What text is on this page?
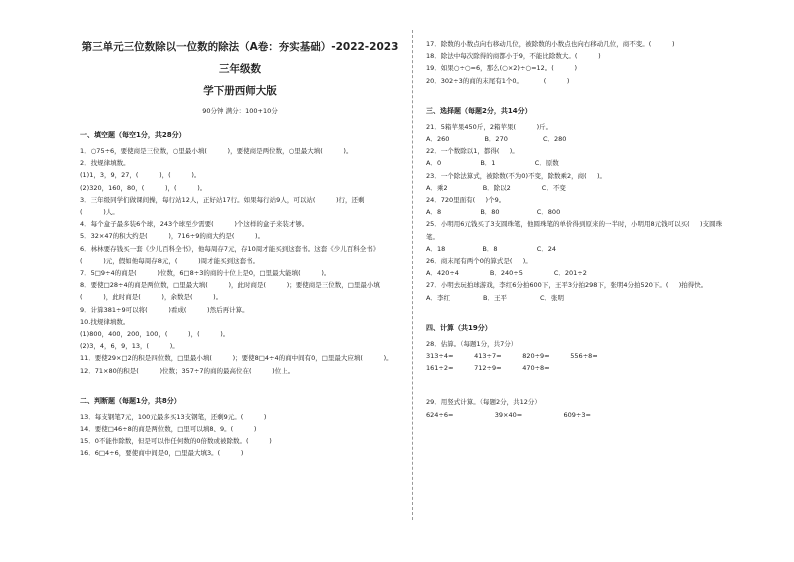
第三单元三位数除以一位数的除法（A卷：夯实基础）-2022-2023三年级数

学下册西师大版

90分钟 满分：100+10分

一、填空题（每空1分，共28分）

1．○75÷6，要使商是三位数，○里最小填(          )，要使商是两位数，○里最大填(          )。

2．找规律填数。

(1)1，3，9，27，(          )，(          )。

(2)320，160，80，(          )，(          )。

3．三年级同学们做课间操，每行站12人，正好站17行。如果每行站9人，可以站(          )行，还剩

(          )人。

4．每个盒子最多装6个球，243个球至少需要(          )个这样的盒子来装才够。

5．32×47的积大约是(          )，716÷9的商大约是(          )。

6．林林要存钱买一套《少儿百科全书》，他每周存7元，存10周才能买到这套书。这套《少儿百科全书》

(          )元，假如他每周存8元，(          )周才能买到这套书。

7．5□9÷4的商是(          )位数，6□8÷3的商的十位上是0，□里最大能填(          )。

8．要使□28÷4的商是两位数，□里最大填(          )，此时商是(          )；要使商是三位数，□里最小填

(          )，此时商是(          )，余数是(          )。

9．计算381÷9可以将(          )看成(          )然后再计算。

10.找规律填数。

(1)800，400，200，100，(          )，(          )。

(2)3，4，6，9，13，(          )。

11．要使29×□2的积是四位数，□里最小填(          )；要使8□4÷4的商中间有0，□里最大应填(          )。

12．71×80的积是(          )位数；357÷7的商的最高位在(          )位上。

二、判断题（每题1分，共8分）

13．每支钢笔7元，100元最多买13支钢笔，还剩9元。(          )

14．要使□46÷8的商是两位数，□里可以填8、9。(          )

15．0不能作除数，但是可以作任何数的0倍数或被除数。(          )

16．6□4÷6，要使商中间是0，□里最大填3。(          )

17．除数的小数点向右移动几位，被除数的小数点也向右移动几位，商不变。(          )

18．除法中每次除得的商都小于9，不能比除数大。(          )

19．如果○÷○=6，那么(○×2)÷○=12。(          )

20．302÷3的商的末尾有1个0。          (          )

三、选择题（每题2分，共14分）

21．5箱苹果450斤，2箱苹果(          )斤。

A．260                 B．270                 C．280

22．一个数除以1，都得(     )。

A．0                   B．1                   C．原数

23．一个除法算式，被除数(不为0)不变，除数乘2，商(     )。

A．乘2                 B．除以2               C．不变

24．720里面有(     )个9。

A．8                   B．80                  C．800

25．小明用6元钱买了3支圆珠笔，他圆珠笔的单价得到原来的一半时，小明用8元钱可以买(     )支圆珠

笔。

A．18                  B．8                   C．24

26．商末尾有两个0的算式是(     )。

A．420÷4               B．240÷5               C．201÷2

27．小明去玩拍球游戏，李红6分拍600下，王平3分拍298下，张明4分拍520下。(     )拍得快。

A．李红                B．王平                C．张明

四、计算（共19分）

28．估算。（每题1分，共7分）

313÷4≈          413÷7≈          820÷9≈          556÷8≈

161÷2≈          712÷9≈          470÷8≈

29．用竖式计算。（每题2分，共12分）

624÷6=                    39×40=                    609÷3=
